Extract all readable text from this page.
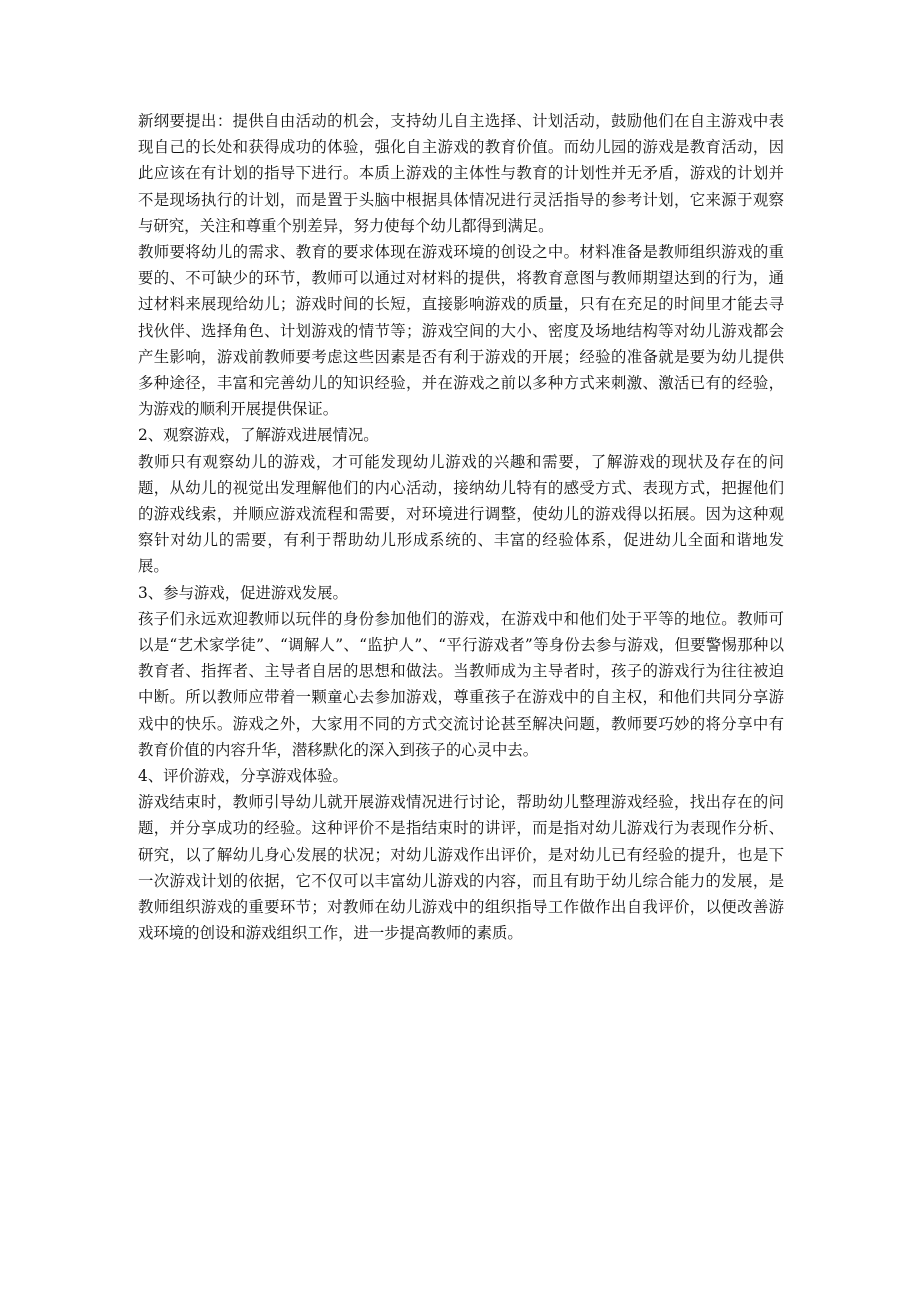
新纲要提出：提供自由活动的机会，支持幼儿自主选择、计划活动，鼓励他们在自主游戏中表现自己的长处和获得成功的体验，强化自主游戏的教育价值。而幼儿园的游戏是教育活动，因此应该在有计划的指导下进行。本质上游戏的主体性与教育的计划性并无矛盾，游戏的计划并不是现场执行的计划，而是置于头脑中根据具体情况进行灵活指导的参考计划，它来源于观察与研究，关注和尊重个别差异，努力使每个幼儿都得到满足。

教师要将幼儿的需求、教育的要求体现在游戏环境的创设之中。材料准备是教师组织游戏的重要的、不可缺少的环节，教师可以通过对材料的提供，将教育意图与教师期望达到的行为，通过材料来展现给幼儿；游戏时间的长短，直接影响游戏的质量，只有在充足的时间里才能去寻找伙伴、选择角色、计划游戏的情节等；游戏空间的大小、密度及场地结构等对幼儿游戏都会产生影响，游戏前教师要考虑这些因素是否有利于游戏的开展；经验的准备就是要为幼儿提供多种途径，丰富和完善幼儿的知识经验，并在游戏之前以多种方式来刺激、激活已有的经验，为游戏的顺利开展提供保证。

2、观察游戏，了解游戏进展情况。

教师只有观察幼儿的游戏，才可能发现幼儿游戏的兴趣和需要，了解游戏的现状及存在的问题，从幼儿的视觉出发理解他们的内心活动，接纳幼儿特有的感受方式、表现方式，把握他们的游戏线索，并顺应游戏流程和需要，对环境进行调整，使幼儿的游戏得以拓展。因为这种观察针对幼儿的需要，有利于帮助幼儿形成系统的、丰富的经验体系，促进幼儿全面和谐地发展。

3、参与游戏，促进游戏发展。

孩子们永远欢迎教师以玩伴的身份参加他们的游戏，在游戏中和他们处于平等的地位。教师可以是“艺术家学徒”、“调解人”、“监护人”、“平行游戏者”等身份去参与游戏，但要警惕那种以教育者、指挥者、主导者自居的思想和做法。当教师成为主导者时，孩子的游戏行为往往被迫中断。所以教师应带着一颗童心去参加游戏，尊重孩子在游戏中的自主权，和他们共同分享游戏中的快乐。游戏之外，大家用不同的方式交流讨论甚至解决问题，教师要巧妙的将分享中有教育价值的内容升华，潜移默化的深入到孩子的心灵中去。

4、评价游戏，分享游戏体验。

游戏结束时，教师引导幼儿就开展游戏情况进行讨论，帮助幼儿整理游戏经验，找出存在的问题，并分享成功的经验。这种评价不是指结束时的讲评，而是指对幼儿游戏行为表现作分析、研究，以了解幼儿身心发展的状况；对幼儿游戏作出评价，是对幼儿已有经验的提升，也是下一次游戏计划的依据，它不仅可以丰富幼儿游戏的内容，而且有助于幼儿综合能力的发展，是教师组织游戏的重要环节；对教师在幼儿游戏中的组织指导工作做作出自我评价，以便改善游戏环境的创设和游戏组织工作，进一步提高教师的素质。
